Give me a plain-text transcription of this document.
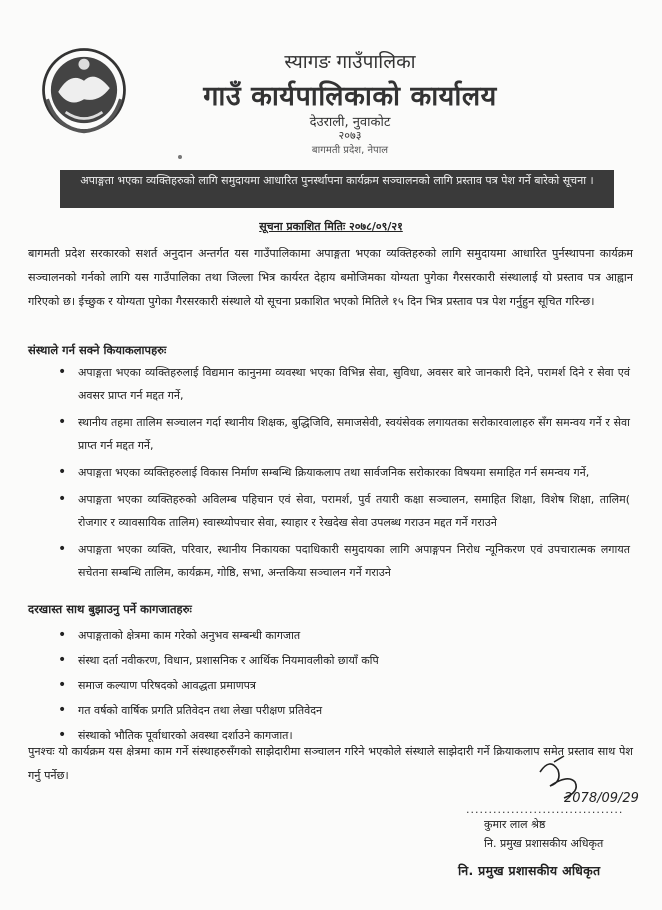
स्यागङ गाउँपालिका
गाउँ कार्यपालिकाको कार्यालय
देउराली, नुवाकोट
२०७३
बागमती प्रदेश, नेपाल
अपाङ्गता भएका व्यक्तिहरुको लागि समुदायमा आधारित पुनर्स्थापना कार्यक्रम सञ्चालनको लागि प्रस्ताव पत्र पेश गर्ने बारेको सूचना ।
सूचना प्रकाशित मितिः २०७८/०९/२१
बागमती प्रदेश सरकारको सशर्त अनुदान अन्तर्गत यस गाउँपालिकामा अपाङ्गता भएका व्यक्तिहरुको लागि समुदायमा आधारित पुर्नस्थापना कार्यक्रम सञ्चालनको गर्नको लागि यस गाउँपालिका तथा जिल्ला भित्र कार्यरत देहाय बमोजिमका योग्यता पुगेका गैरसरकारी संस्थालाई यो प्रस्ताव पत्र आह्वान गरिएको छ। ईच्छुक र योग्यता पुगेका गैरसरकारी संस्थाले यो सूचना प्रकाशित भएको मितिले १५ दिन भित्र प्रस्ताव पत्र पेश गर्नुहुन सूचित गरिन्छ।
संस्थाले गर्न सक्ने कियाकलापहरुः
• अपाङ्गता भएका व्यक्तिहरुलाई विद्यमान कानुनमा व्यवस्था भएका विभिन्न सेवा, सुविधा, अवसर बारे जानकारी दिने, परामर्श दिने र सेवा एवं अवसर प्राप्त गर्न मद्दत गर्ने,
• स्थानीय तहमा तालिम सञ्चालन गर्दा स्थानीय शिक्षक, बुद्धिजिवि, समाजसेवी, स्वयंसेवक लगायतका सरोकारवालाहरु सँग समन्वय गर्ने र सेवा प्राप्त गर्न मद्दत गर्ने,
• अपाङ्गता भएका व्यक्तिहरुलाई विकास निर्माण सम्बन्धि क्रियाकलाप तथा सार्वजनिक सरोकारका विषयमा समाहित गर्न समन्वय गर्ने,
• अपाङ्गता भएका व्यक्तिहरुको अविलम्ब पहिचान एवं सेवा, परामर्श, पुर्व तयारी कक्षा सञ्चालन, समाहित शिक्षा, विशेष शिक्षा, तालिम( रोजगार र व्यावसायिक तालिम) स्वास्थ्योपचार सेवा, स्याहार र रेखदेख सेवा उपलब्ध गराउन मद्दत गर्ने गराउने
• अपाङ्गता भएका व्यक्ति, परिवार, स्थानीय निकायका पदाधिकारी समुदायका लागि अपाङ्गपन निरोध न्यूनिकरण एवं उपचारात्मक लगायत सचेतना सम्बन्धि तालिम, कार्यक्रम, गोष्ठि, सभा, अन्तकिया सञ्चालन गर्ने गराउने
दरखास्त साथ बुझाउनु पर्ने कागजातहरुः
• अपाङ्गताको क्षेत्रमा काम गरेको अनुभव सम्बन्धी कागजात
• संस्था दर्ता नवीकरण, विधान, प्रशासनिक र आर्थिक नियमावलीको छायाँ कपि
• समाज कल्याण परिषदको आवद्धता प्रमाणपत्र
• गत वर्षको वार्षिक प्रगति प्रतिवेदन तथा लेखा परीक्षण प्रतिवेदन
• संस्थाको भौतिक पूर्वाधारको अवस्था दर्शाउने कागजात।
पुनश्चः यो कार्यक्रम यस क्षेत्रमा काम गर्ने संस्थाहरुसँगको साझेदारीमा सञ्चालन गरिने भएकोले संस्थाले साझेदारी गर्ने क्रियाकलाप समेत प्रस्ताव साथ पेश गर्नु पर्नेछ।
2078/09/29
...................................
कुमार लाल श्रेष्ठ
नि. प्रमुख प्रशासकीय अधिकृत
नि. प्रमुख प्रशासकीय अधिकृत
